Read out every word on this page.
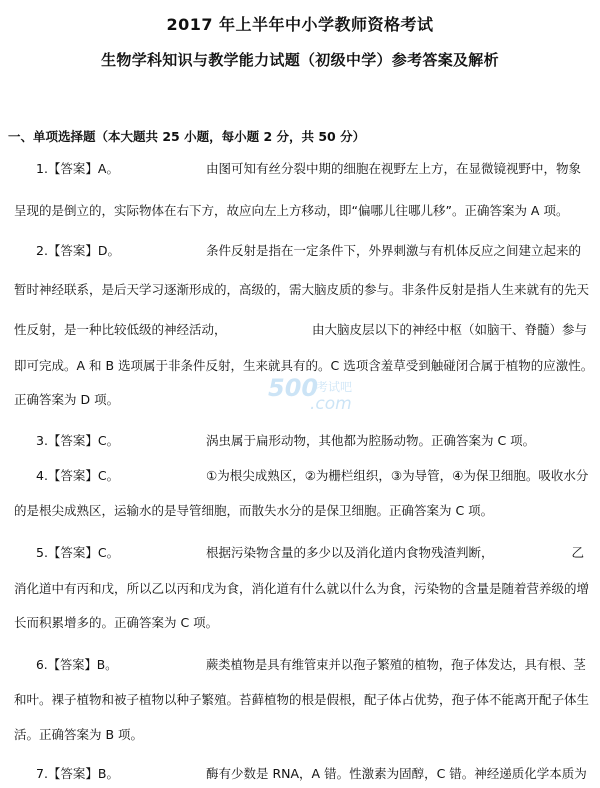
2017 年上半年中小学教师资格考试
生物学科知识与教学能力试题（初级中学）参考答案及解析
一、单项选择题（本大题共 25 小题，每小题 2 分，共 50 分）
1.【答案】A。	由图可知有丝分裂中期的细胞在视野左上方，在显微镜视野中，物象
呈现的是倒立的，实际物体在右下方，故应向左上方移动，即“偏哪儿往哪儿移”。正确答案为 A 项。
2.【答案】D。	条件反射是指在一定条件下，外界刺激与有机体反应之间建立起来的
暂时神经联系，是后天学习逐渐形成的，高级的，需大脑皮质的参与。非条件反射是指人生来就有的先天
性反射，是一种比较低级的神经活动，	由大脑皮层以下的神经中枢（如脑干、脊髓）参与
即可完成。A 和 B 选项属于非条件反射，生来就具有的。C 选项含羞草受到触碰闭合属于植物的应激性。
正确答案为 D 项。	500
考试吧
.com
3.【答案】C。	涡虫属于扁形动物，其他都为腔肠动物。正确答案为 C 项。
4.【答案】C。	①为根尖成熟区，②为栅栏组织，③为导管，④为保卫细胞。吸收水分
的是根尖成熟区，运输水的是导管细胞，而散失水分的是保卫细胞。正确答案为 C 项。
5.【答案】C。	根据污染物含量的多少以及消化道内食物残渣判断，	乙
消化道中有丙和戊，所以乙以丙和戊为食，消化道有什么就以什么为食，污染物的含量是随着营养级的增
长而积累增多的。正确答案为 C 项。
6.【答案】B。	蕨类植物是具有维管束并以孢子繁殖的植物，孢子体发达，具有根、茎
和叶。裸子植物和被子植物以种子繁殖。苔藓植物的根是假根，配子体占优势，孢子体不能离开配子体生
活。正确答案为 B 项。
7.【答案】B。	酶有少数是 RNA，A 错。性激素为固醇，C 错。神经递质化学本质为
